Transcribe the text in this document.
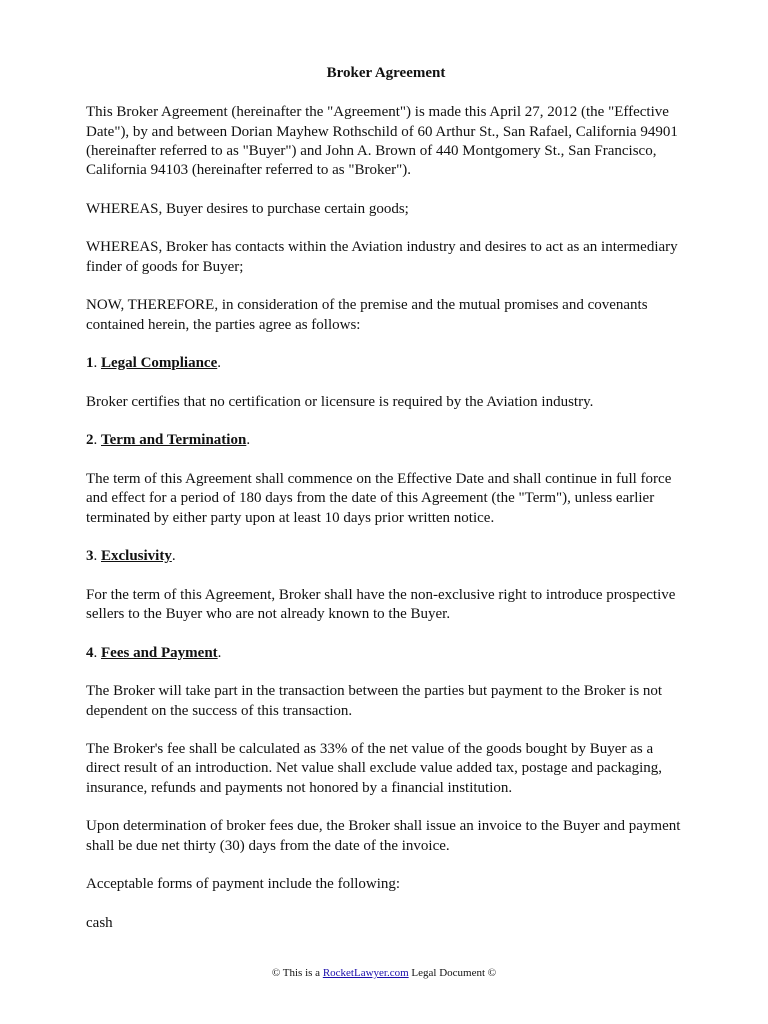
Broker Agreement

This Broker Agreement (hereinafter the "Agreement") is made this April 27, 2012 (the "Effective Date"), by and between Dorian Mayhew Rothschild of 60 Arthur St., San Rafael, California 94901 (hereinafter referred to as "Buyer") and John A. Brown of 440 Montgomery St., San Francisco, California 94103 (hereinafter referred to as "Broker").

WHEREAS, Buyer desires to purchase certain goods;

WHEREAS, Broker has contacts within the Aviation industry and desires to act as an intermediary finder of goods for Buyer;

NOW, THEREFORE, in consideration of the premise and the mutual promises and covenants contained herein, the parties agree as follows:

1. Legal Compliance.

Broker certifies that no certification or licensure is required by the Aviation industry.

2. Term and Termination.

The term of this Agreement shall commence on the Effective Date and shall continue in full force and effect for a period of 180 days from the date of this Agreement (the "Term"), unless earlier terminated by either party upon at least 10 days prior written notice.

3. Exclusivity.

For the term of this Agreement, Broker shall have the non-exclusive right to introduce prospective sellers to the Buyer who are not already known to the Buyer.

4. Fees and Payment.

The Broker will take part in the transaction between the parties but payment to the Broker is not dependent on the success of this transaction.

The Broker's fee shall be calculated as 33% of the net value of the goods bought by Buyer as a direct result of an introduction. Net value shall exclude value added tax, postage and packaging, insurance, refunds and payments not honored by a financial institution.

Upon determination of broker fees due, the Broker shall issue an invoice to the Buyer and payment shall be due net thirty (30) days from the date of the invoice.

Acceptable forms of payment include the following:

cash

© This is a RocketLawyer.com Legal Document ©
